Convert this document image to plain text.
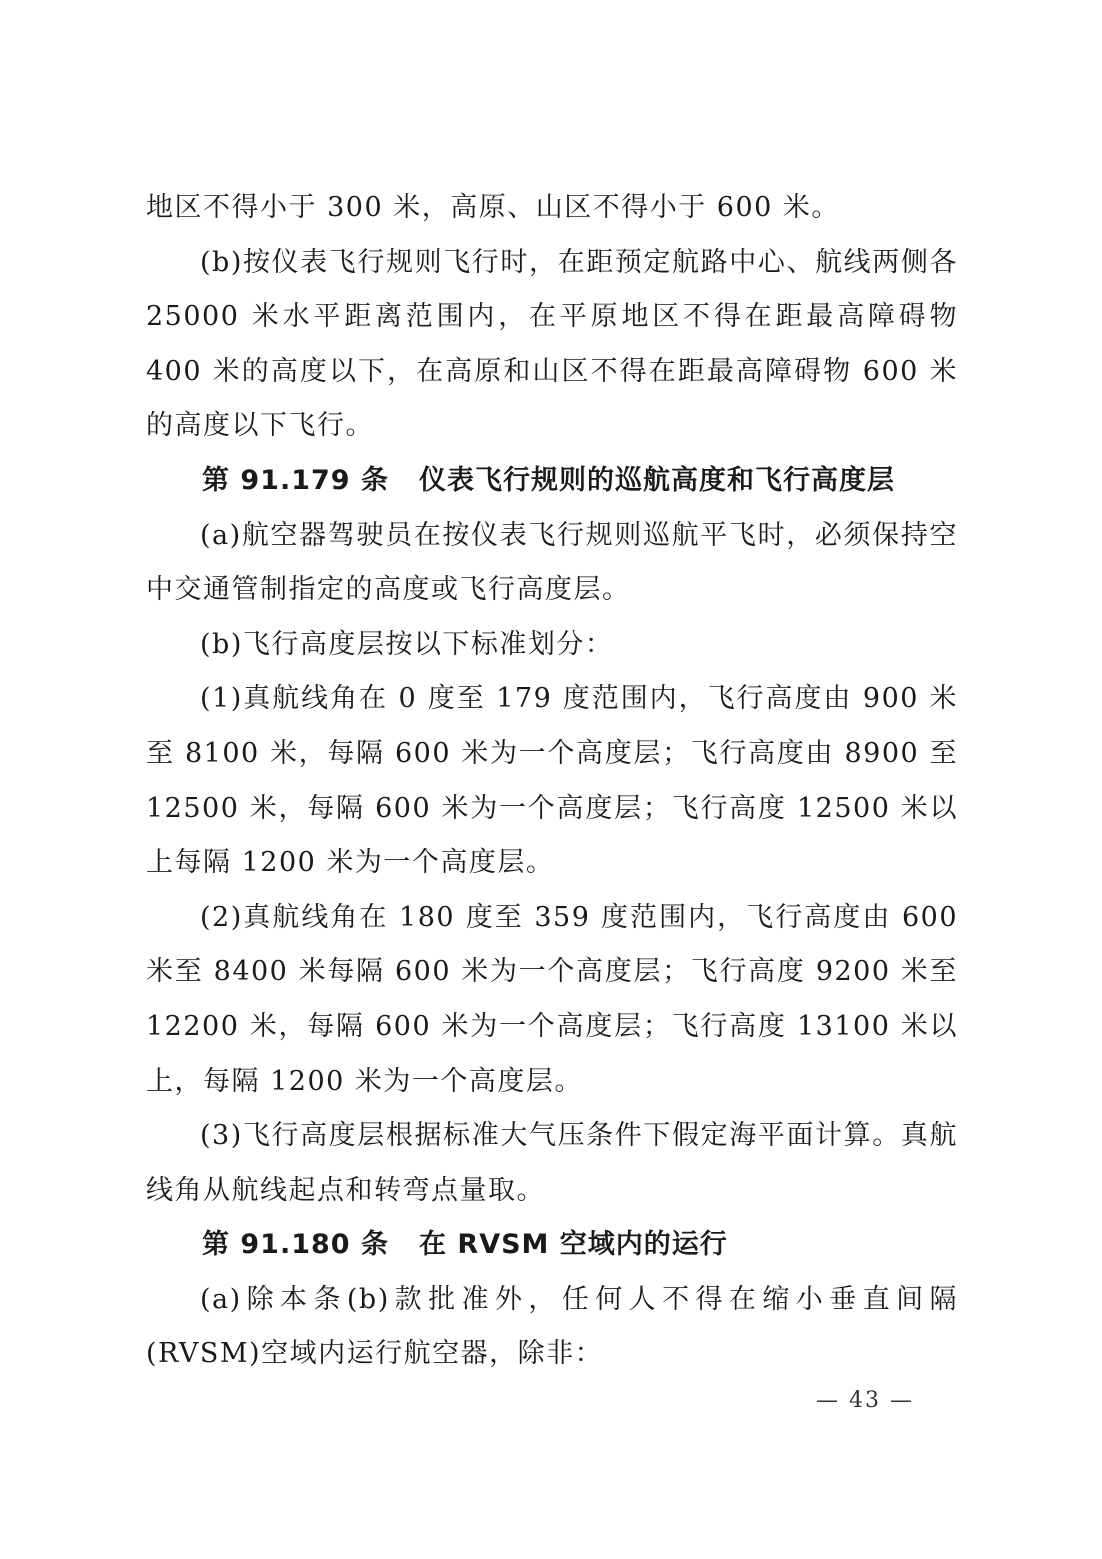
地区不得小于 300 米，高原、山区不得小于 600 米。

(b)按仪表飞行规则飞行时，在距预定航路中心、航线两侧各 25000 米水平距离范围内，在平原地区不得在距最高障碍物 400 米的高度以下，在高原和山区不得在距最高障碍物 600 米的高度以下飞行。

第 91.179 条 仪表飞行规则的巡航高度和飞行高度层

(a)航空器驾驶员在按仪表飞行规则巡航平飞时，必须保持空中交通管制指定的高度或飞行高度层。

(b)飞行高度层按以下标准划分：

(1)真航线角在 0 度至 179 度范围内，飞行高度由 900 米至 8100 米，每隔 600 米为一个高度层；飞行高度由 8900 至 12500 米，每隔 600 米为一个高度层；飞行高度 12500 米以上每隔 1200 米为一个高度层。

(2)真航线角在 180 度至 359 度范围内，飞行高度由 600 米至 8400 米每隔 600 米为一个高度层；飞行高度 9200 米至 12200 米，每隔 600 米为一个高度层；飞行高度 13100 米以上，每隔 1200 米为一个高度层。

(3)飞行高度层根据标准大气压条件下假定海平面计算。真航线角从航线起点和转弯点量取。

第 91.180 条 在 RVSM 空域内的运行

(a)除本条(b)款批准外，任何人不得在缩小垂直间隔(RVSM)空域内运行航空器，除非：

— 43 —
